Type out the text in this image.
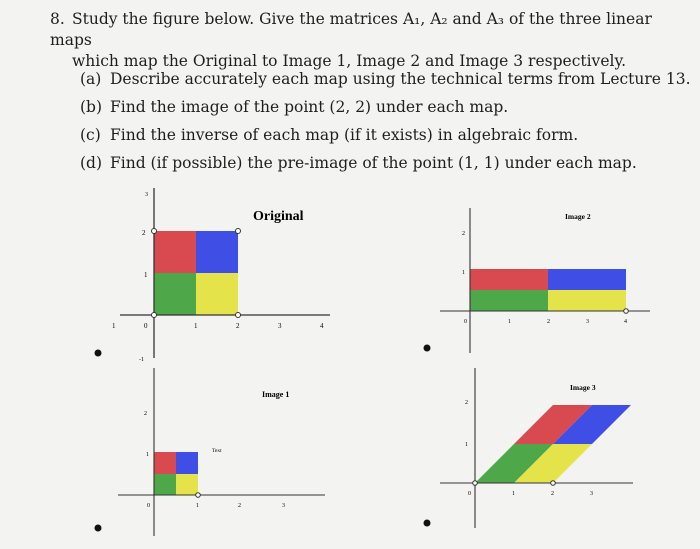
8. Study the figure below. Give the matrices A₁, A₂ and A₃ of the three linear maps
which map the Original to Image 1, Image 2 and Image 3 respectively.
(a) Describe accurately each map using the technical terms from Lecture 13.
(b) Find the image of the point (2, 2) under each map.
(c) Find the inverse of each map (if it exists) in algebraic form.
(d) Find (if possible) the pre-image of the point (1, 1) under each map.
Original
3
2
1
-1
1	0	1	2	3	4
Image 2
2
1
0	1	2	3	4
Image 1
Text
2
1
0	1	2	3
Image 3
2
1
0	1	2	3
